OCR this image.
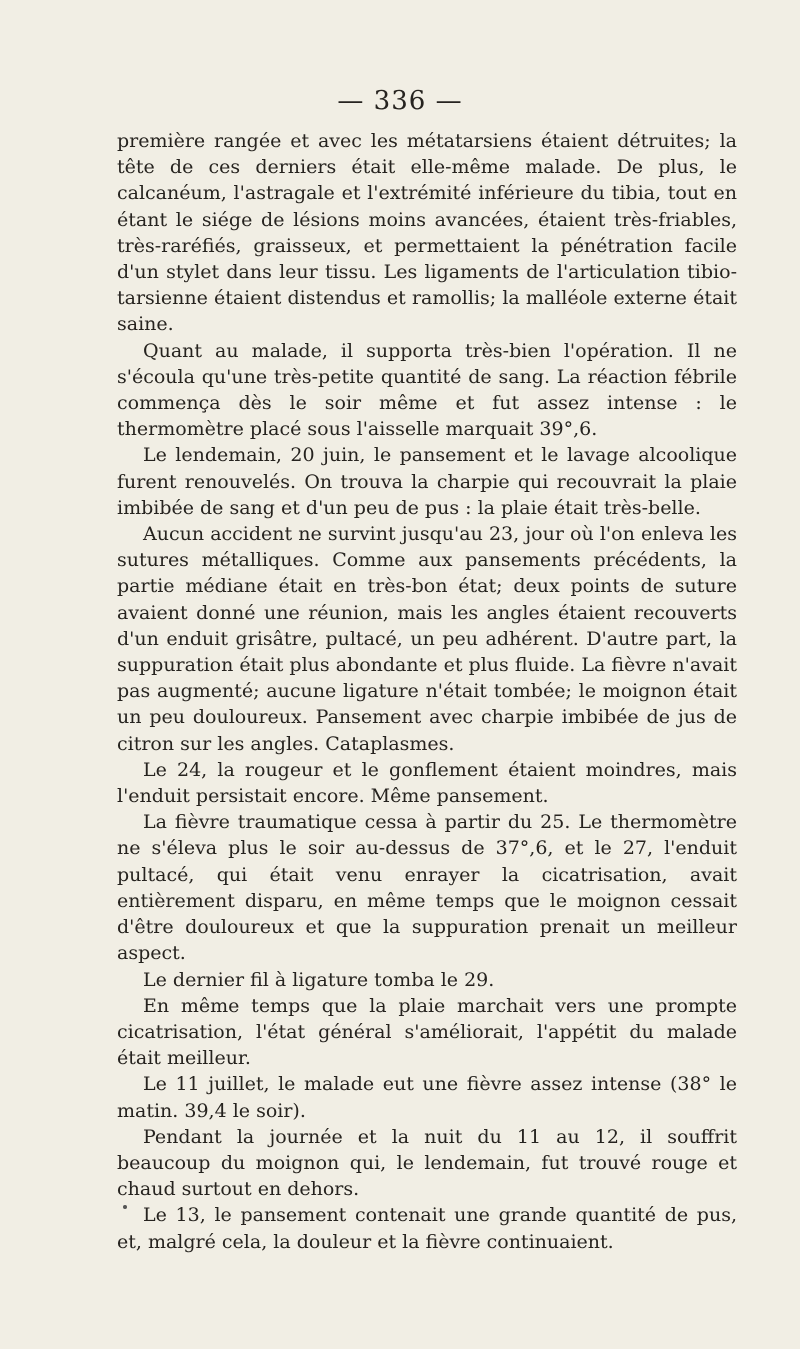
— 336 —

première rangée et avec les métatarsiens étaient détruites; la tête de ces derniers était elle-même malade. De plus, le calcanéum, l'astragale et l'extrémité inférieure du tibia, tout en étant le siége de lésions moins avancées, étaient très-friables, très-raréfiés, graisseux, et permettaient la pénétration facile d'un stylet dans leur tissu. Les ligaments de l'articulation tibio-tarsienne étaient distendus et ramollis; la malléole externe était saine.

Quant au malade, il supporta très-bien l'opération. Il ne s'écoula qu'une très-petite quantité de sang. La réaction fébrile commença dès le soir même et fut assez intense : le thermomètre placé sous l'aisselle marquait 39°,6.

Le lendemain, 20 juin, le pansement et le lavage alcoolique furent renouvelés. On trouva la charpie qui recouvrait la plaie imbibée de sang et d'un peu de pus : la plaie était très-belle.

Aucun accident ne survint jusqu'au 23, jour où l'on enleva les sutures métalliques. Comme aux pansements précédents, la partie médiane était en très-bon état; deux points de suture avaient donné une réunion, mais les angles étaient recouverts d'un enduit grisâtre, pultacé, un peu adhérent. D'autre part, la suppuration était plus abondante et plus fluide. La fièvre n'avait pas augmenté; aucune ligature n'était tombée; le moignon était un peu douloureux. Pansement avec charpie imbibée de jus de citron sur les angles. Cataplasmes.

Le 24, la rougeur et le gonflement étaient moindres, mais l'enduit persistait encore. Même pansement.

La fièvre traumatique cessa à partir du 25. Le thermomètre ne s'éleva plus le soir au-dessus de 37°,6, et le 27, l'enduit pultacé, qui était venu enrayer la cicatrisation, avait entièrement disparu, en même temps que le moignon cessait d'être douloureux et que la suppuration prenait un meilleur aspect.

Le dernier fil à ligature tomba le 29.

En même temps que la plaie marchait vers une prompte cicatrisation, l'état général s'améliorait, l'appétit du malade était meilleur.

Le 11 juillet, le malade eut une fièvre assez intense (38° le matin. 39,4 le soir).

Pendant la journée et la nuit du 11 au 12, il souffrit beaucoup du moignon qui, le lendemain, fut trouvé rouge et chaud surtout en dehors.

Le 13, le pansement contenait une grande quantité de pus, et, malgré cela, la douleur et la fièvre continuaient.
